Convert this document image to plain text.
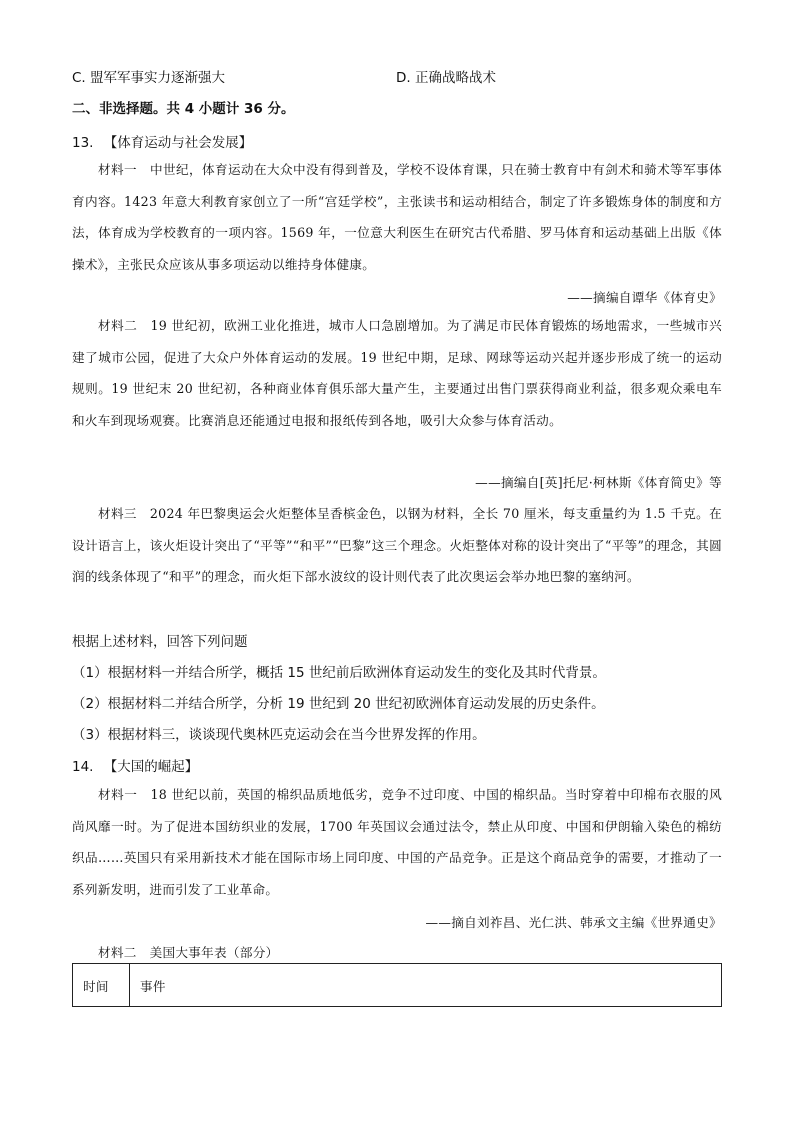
C. 盟军军事实力逐渐强大	D. 正确战略战术
二、非选择题。共 4 小题计 36 分。
13. 【体育运动与社会发展】
材料一　中世纪，体育运动在大众中没有得到普及，学校不设体育课，只在骑士教育中有剑术和骑术等军事体育内容。1423 年意大利教育家创立了一所“宫廷学校”，主张读书和运动相结合，制定了许多锻炼身体的制度和方法，体育成为学校教育的一项内容。1569 年，一位意大利医生在研究古代希腊、罗马体育和运动基础上出版《体操术》，主张民众应该从事多项运动以维持身体健康。
——摘编自谭华《体育史》
材料二　19 世纪初，欧洲工业化推进，城市人口急剧增加。为了满足市民体育锻炼的场地需求，一些城市兴建了城市公园，促进了大众户外体育运动的发展。19 世纪中期，足球、网球等运动兴起并逐步形成了统一的运动规则。19 世纪末 20 世纪初，各种商业体育俱乐部大量产生，主要通过出售门票获得商业利益，很多观众乘电车和火车到现场观赛。比赛消息还能通过电报和报纸传到各地，吸引大众参与体育活动。
——摘编自[英]托尼·柯林斯《体育简史》等
材料三　2024 年巴黎奥运会火炬整体呈香槟金色，以钢为材料，全长 70 厘米，每支重量约为 1.5 千克。在设计语言上，该火炬设计突出了“平等”“和平”“巴黎”这三个理念。火炬整体对称的设计突出了“平等”的理念，其圆润的线条体现了“和平”的理念，而火炬下部水波纹的设计则代表了此次奥运会举办地巴黎的塞纳河。
根据上述材料，回答下列问题
（1）根据材料一并结合所学，概括 15 世纪前后欧洲体育运动发生的变化及其时代背景。
（2）根据材料二并结合所学，分析 19 世纪到 20 世纪初欧洲体育运动发展的历史条件。
（3）根据材料三，谈谈现代奥林匹克运动会在当今世界发挥的作用。
14. 【大国的崛起】
材料一　18 世纪以前，英国的棉织品质地低劣，竞争不过印度、中国的棉织品。当时穿着中印棉布衣服的风尚风靡一时。为了促进本国纺织业的发展，1700 年英国议会通过法令，禁止从印度、中国和伊朗输入染色的棉纺织品……英国只有采用新技术才能在国际市场上同印度、中国的产品竞争。正是这个商品竞争的需要，才推动了一系列新发明，进而引发了工业革命。
——摘自刘祚昌、光仁洪、韩承文主编《世界通史》
材料二　美国大事年表（部分）
时间	事件
